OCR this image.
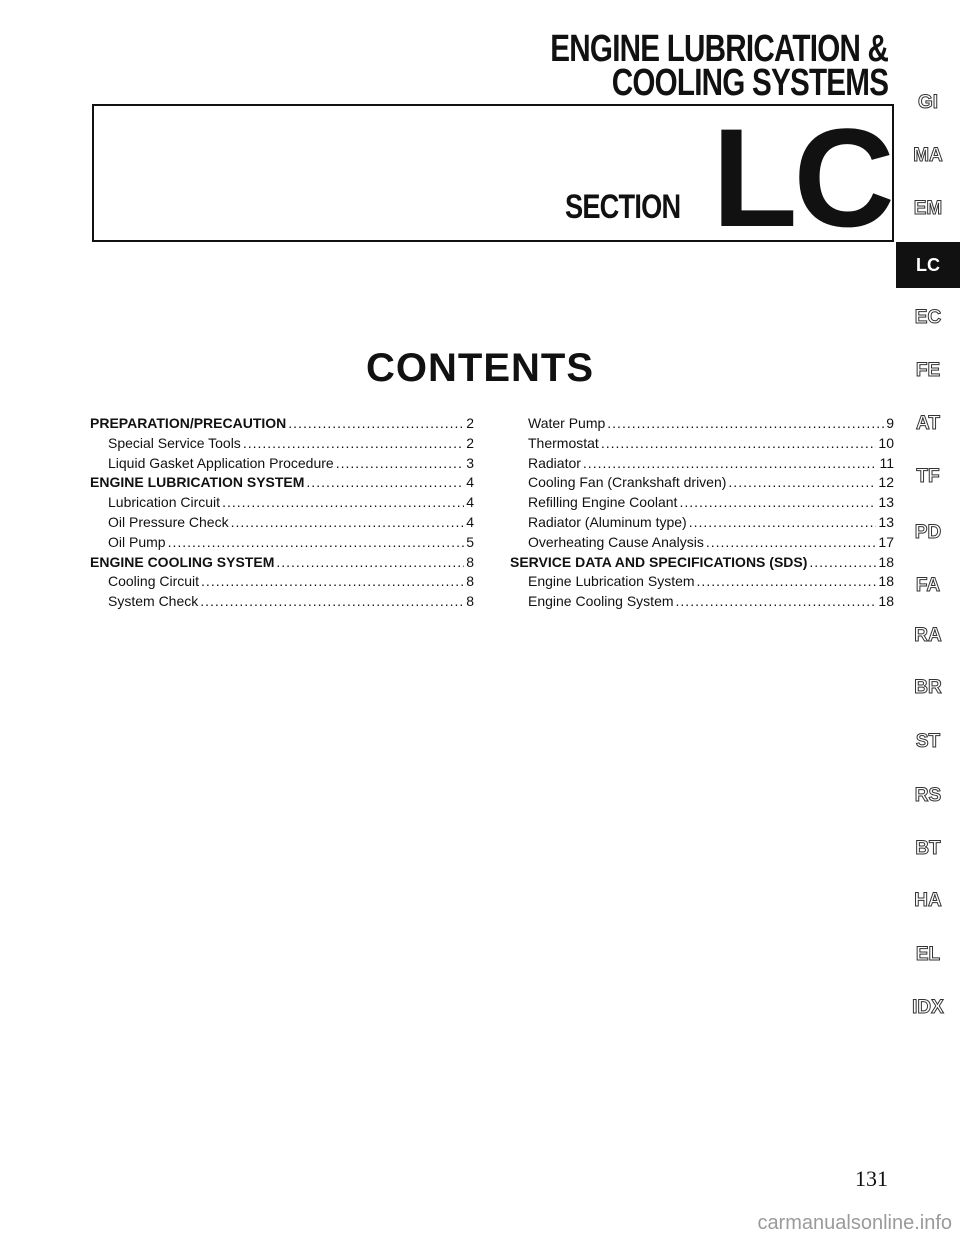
ENGINE LUBRICATION &
COOLING SYSTEMS
SECTION LC	GI
MA
EM
LC
EC
FE
AT
TF
PD
FA
RA
BR
ST
RS
BT
HA
EL
IDX
CONTENTS
PREPARATION/PRECAUTION .....	2
Special Service Tools .....	2
Liquid Gasket Application Procedure .....	3
ENGINE LUBRICATION SYSTEM .....	4
Lubrication Circuit .....	4
Oil Pressure Check .....	4
Oil Pump .....	5
ENGINE COOLING SYSTEM .....	8
Cooling Circuit .....	8
System Check .....	8
Water Pump .....	9
Thermostat .....	10
Radiator .....	11
Cooling Fan (Crankshaft driven) .....	12
Refilling Engine Coolant .....	13
Radiator (Aluminum type) .....	13
Overheating Cause Analysis .....	17
SERVICE DATA AND SPECIFICATIONS (SDS) .....	18
Engine Lubrication System .....	18
Engine Cooling System .....	18
131
carmanualsonline.info
